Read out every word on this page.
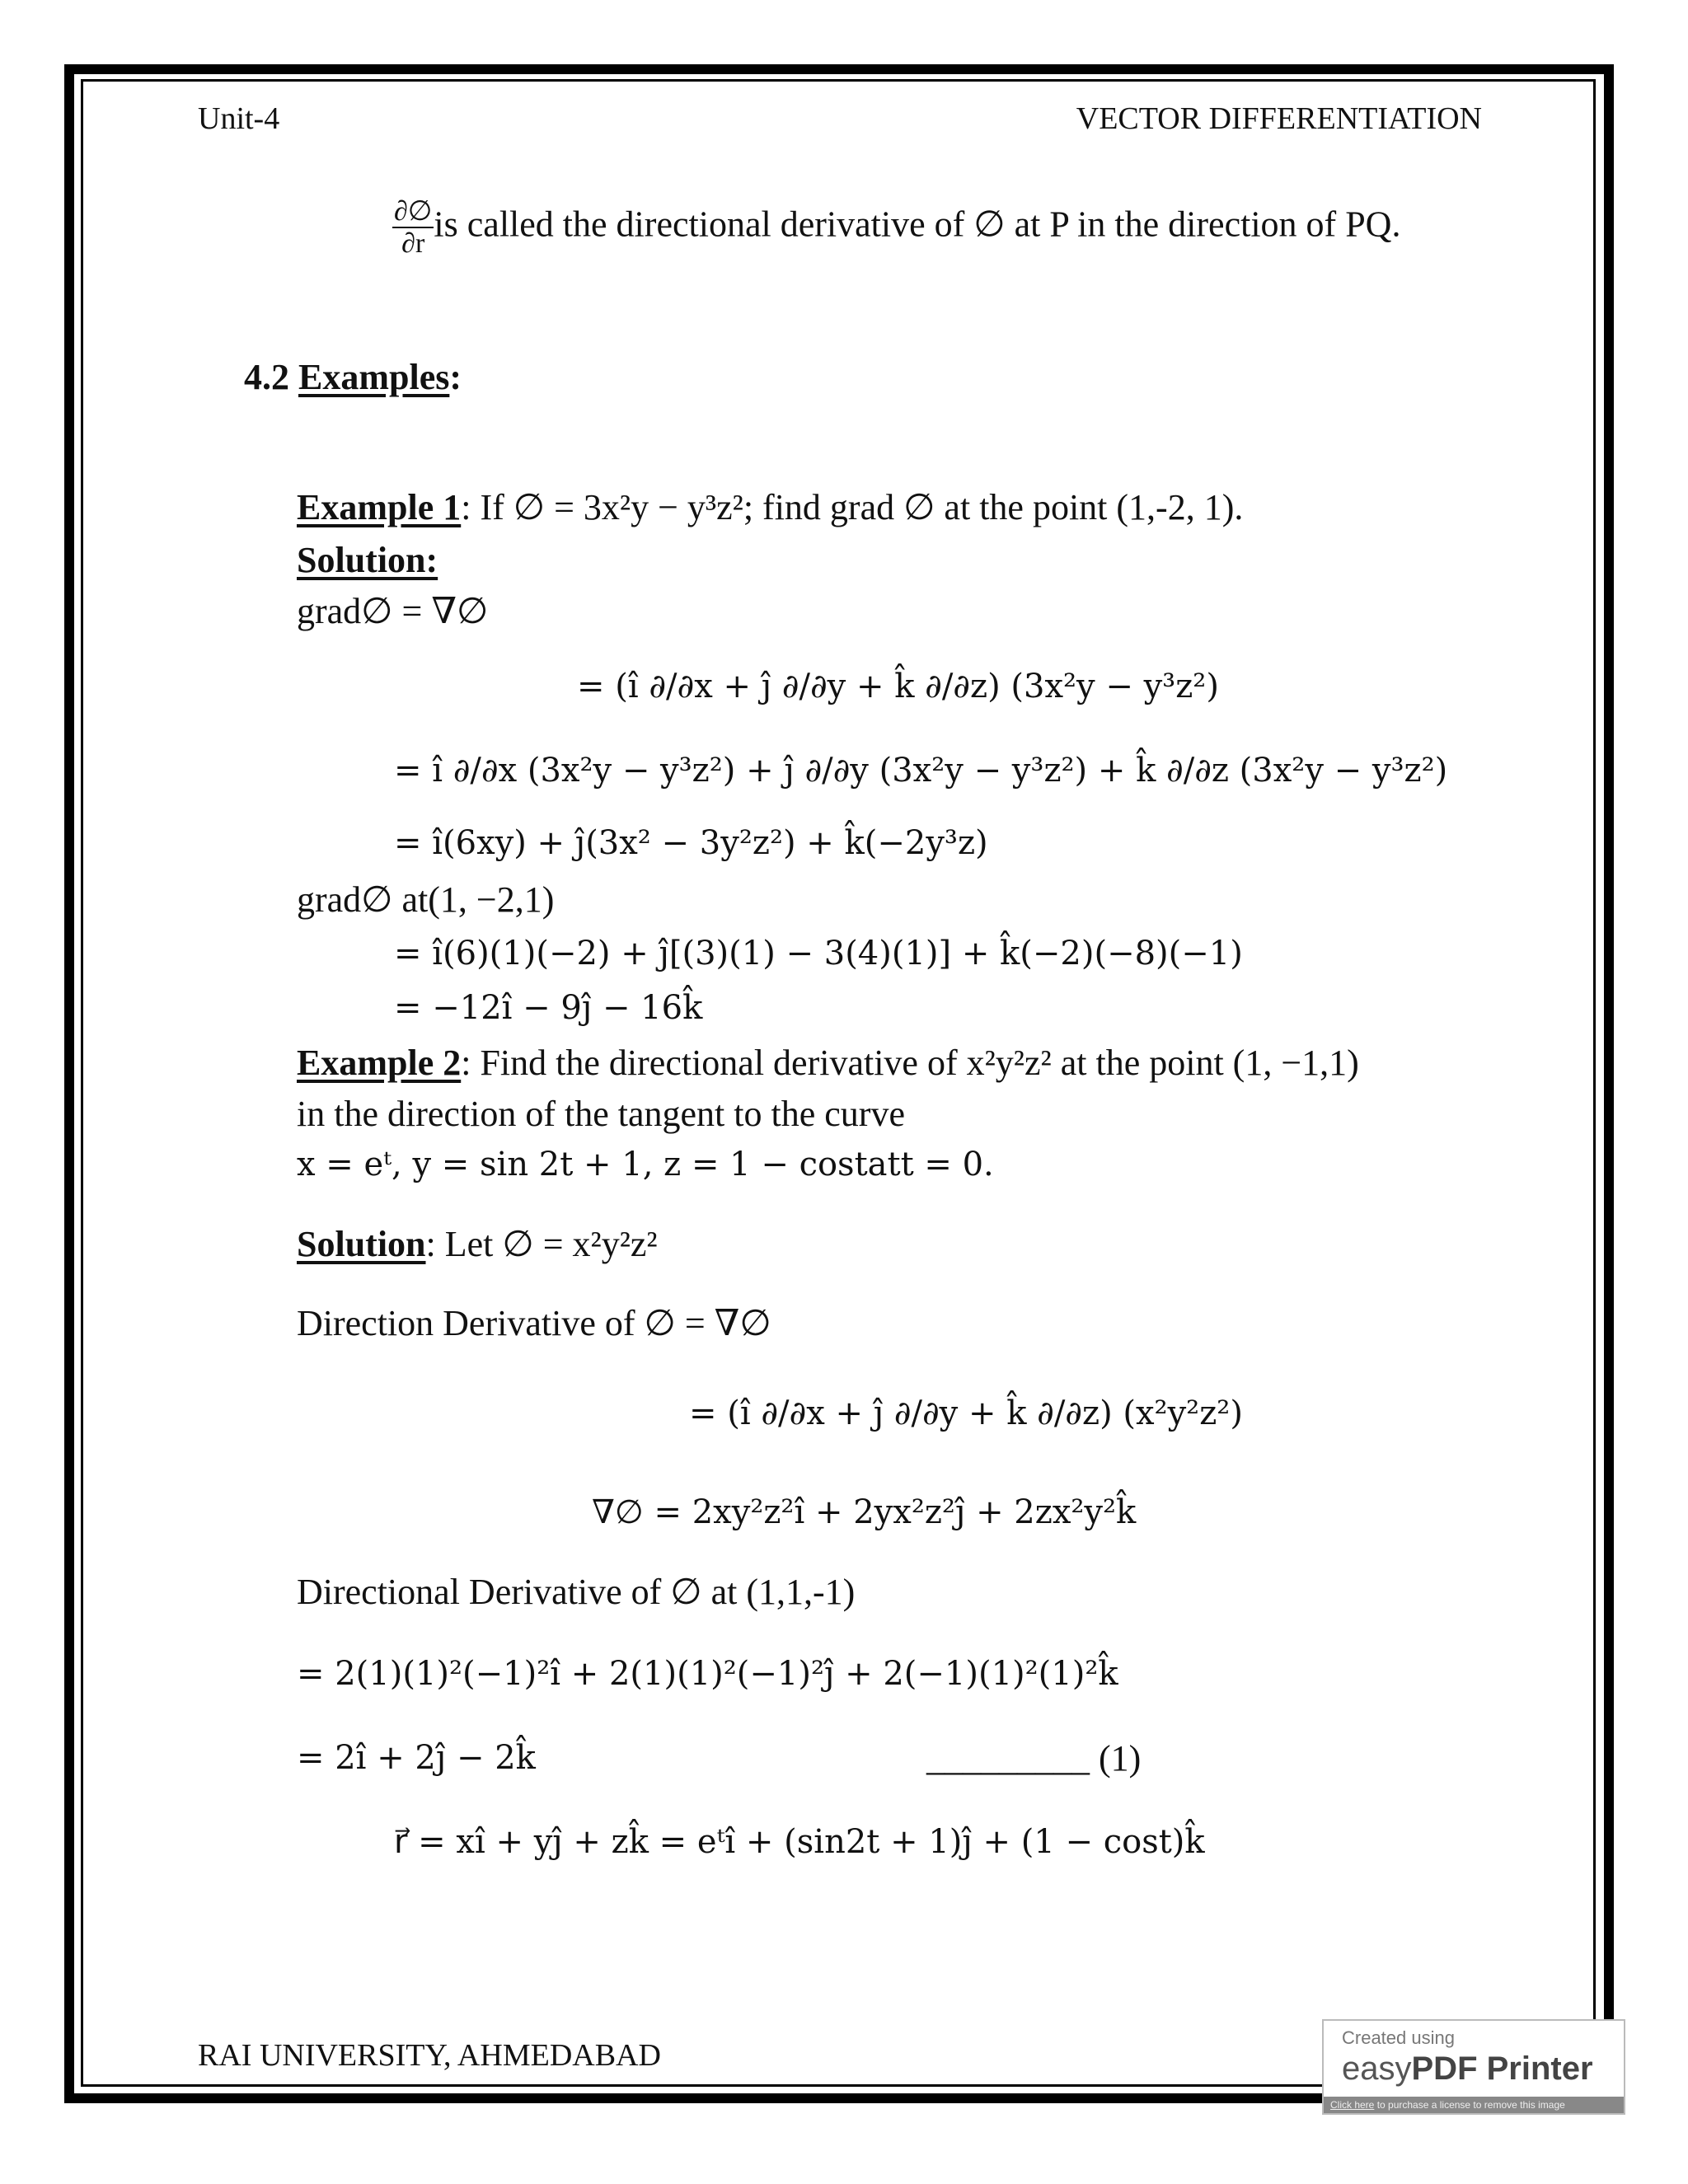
Unit-4	VECTOR DIFFERENTIATION
$\frac{\partial\emptyset}{\partial r}$ is called the directional derivative of ∅ at P in the direction of PQ.
4.2 Examples:
Example 1: If ∅ = 3x²y − y³z²; find grad ∅ at the point (1,-2, 1).
Solution:
grad∅ = ∇∅
= (î ∂/∂x + ĵ ∂/∂y + k̂ ∂/∂z) (3x²y − y³z²)
= î ∂/∂x (3x²y − y³z²) + ĵ ∂/∂y (3x²y − y³z²) + k̂ ∂/∂z (3x²y − y³z²)
= î(6xy) + ĵ(3x² − 3y²z²) + k̂(−2y³z)
grad∅ at(1, −2,1)
= î(6)(1)(−2) + ĵ[(3)(1) − 3(4)(1)] + k̂(−2)(−8)(−1)
= −12î − 9ĵ − 16k̂
Example 2: Find the directional derivative of x²y²z² at the point (1, −1,1)
in the direction of the tangent to the curve
x = eᵗ, y = sin 2t + 1, z = 1 − costatt = 0.
Solution: Let ∅ = x²y²z²
Direction Derivative of ∅ = ∇∅
= (î ∂/∂x + ĵ ∂/∂y + k̂ ∂/∂z) (x²y²z²)
∇∅ = 2xy²z²î + 2yx²z²ĵ + 2zx²y²k̂
Directional Derivative of ∅ at (1,1,-1)
= 2(1)(1)²(−1)²î + 2(1)(1)²(−1)²ĵ + 2(−1)(1)²(1)²k̂
= 2î + 2ĵ − 2k̂	_________ (1)
r⃗ = xî + yĵ + zk̂ = eᵗî + (sin2t + 1)ĵ + (1 − cost)k̂
RAI UNIVERSITY, AHMEDABAD
Created using
easyPDF Printer
Click here to purchase a license to remove this image
